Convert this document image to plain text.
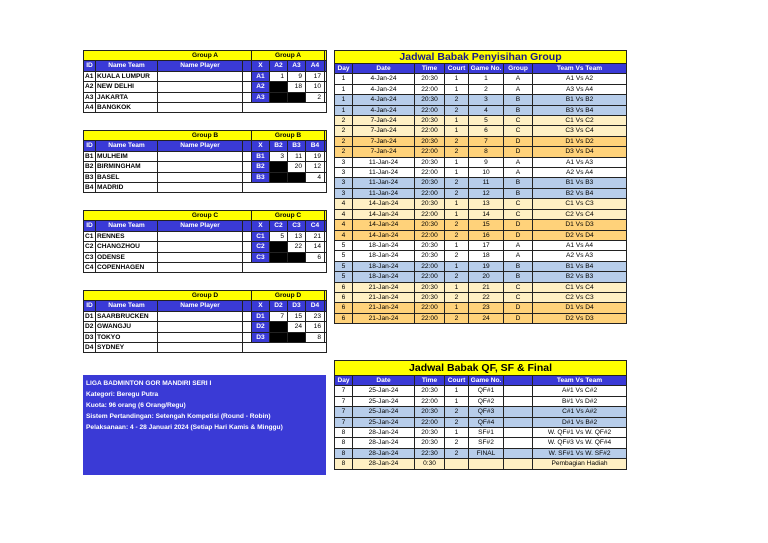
Group A			
ID	Name Team	Name Player	
A1	KUALA LUMPUR		
A2	NEW DELHI		
A3	JAKARTA		
A4	BANGKOK		
Group A			
X	A2	A3	A4
A1	1	9	17
A2		18	10
A3			2
Group B			
ID	Name Team	Name Player	
B1	MULHEIM		
B2	BIRMINGHAM		
B3	BASEL		
B4	MADRID		
Group B			
X	B2	B3	B4
B1	3	11	19
B2		20	12
B3			4
Group C			
ID	Name Team	Name Player	
C1	RENNES		
C2	CHANGZHOU		
C3	ODENSE		
C4	COPENHAGEN		
Group C			
X	C2	C3	C4
C1	5	13	21
C2		22	14
C3			6
Group D			
ID	Name Team	Name Player	
D1	SAARBRUCKEN		
D2	GWANGJU		
D3	TOKYO		
D4	SYDNEY		
Group D			
X	D2	D3	D4
D1	7	15	23
D2		24	16
D3			8
Jadwal Babak Penyisihan Group						
Day	Date	Time	Court	Game No.	Group	Team Vs Team
1	4-Jan-24	20:30	1	1	A	A1 Vs A2
1	4-Jan-24	22:00	1	2	A	A3 Vs A4
1	4-Jan-24	20:30	2	3	B	B1 Vs B2
1	4-Jan-24	22:00	2	4	B	B3 Vs B4
2	7-Jan-24	20:30	1	5	C	C1 Vs C2
2	7-Jan-24	22:00	1	6	C	C3 Vs C4
2	7-Jan-24	20:30	2	7	D	D1 Vs D2
2	7-Jan-24	22:00	2	8	D	D3 Vs D4
3	11-Jan-24	20:30	1	9	A	A1 Vs A3
3	11-Jan-24	22:00	1	10	A	A2 Vs A4
3	11-Jan-24	20:30	2	11	B	B1 Vs B3
3	11-Jan-24	22:00	2	12	B	B2 Vs B4
4	14-Jan-24	20:30	1	13	C	C1 Vs C3
4	14-Jan-24	22:00	1	14	C	C2 Vs C4
4	14-Jan-24	20:30	2	15	D	D1 Vs D3
4	14-Jan-24	22:00	2	16	D	D2 Vs D4
5	18-Jan-24	20:30	1	17	A	A1 Vs A4
5	18-Jan-24	20:30	2	18	A	A2 Vs A3
5	18-Jan-24	22:00	1	19	B	B1 Vs B4
5	18-Jan-24	22:00	2	20	B	B2 Vs B3
6	21-Jan-24	20:30	1	21	C	C1 Vs C4
6	21-Jan-24	20:30	2	22	C	C2 Vs C3
6	21-Jan-24	22:00	1	23	D	D1 Vs D4
6	21-Jan-24	22:00	2	24	D	D2 Vs D3
Jadwal Babak QF, SF & Final						
Day	Date	Time	Court	Game No.		Team Vs Team
7	25-Jan-24	20:30	1	QF#1		A#1 Vs C#2
7	25-Jan-24	22:00	1	QF#2		B#1 Vs D#2
7	25-Jan-24	20:30	2	QF#3		C#1 Vs A#2
7	25-Jan-24	22:00	2	QF#4		D#1 Vs B#2
8	28-Jan-24	20:30	1	SF#1		W. QF#1 Vs W. QF#2
8	28-Jan-24	20:30	2	SF#2		W. QF#3 Vs W. QF#4
8	28-Jan-24	22:30	2	FINAL		W. SF#1 Vs W. SF#2
8	28-Jan-24	0:30				Pembagian Hadiah
LIGA BADMINTON GOR MANDIRI SERI I
Kategori: Beregu Putra
Kuota: 96 orang (6 Orang/Regu)
Sistem Pertandingan: Setengah Kompetisi (Round - Robin)
Pelaksanaan: 4 - 28 Januari 2024 (Setiap Hari Kamis & Minggu)
